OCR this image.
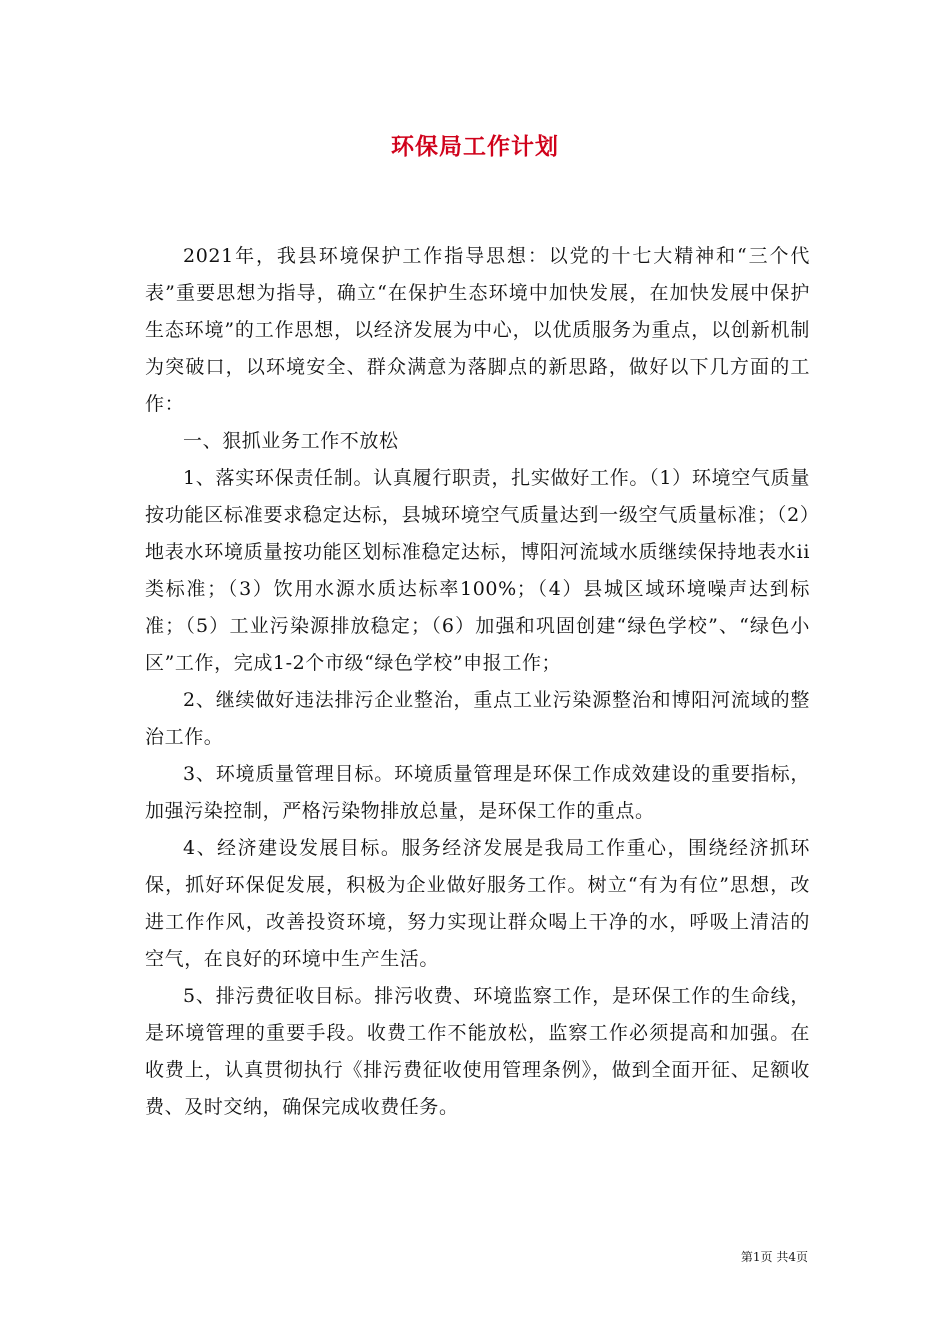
环保局工作计划

2021年，我县环境保护工作指导思想：以党的十七大精神和“三个代表”重要思想为指导，确立“在保护生态环境中加快发展，在加快发展中保护生态环境”的工作思想，以经济发展为中心，以优质服务为重点，以创新机制为突破口，以环境安全、群众满意为落脚点的新思路，做好以下几方面的工作：

一、狠抓业务工作不放松

1、落实环保责任制。认真履行职责，扎实做好工作。（1）环境空气质量按功能区标准要求稳定达标，县城环境空气质量达到一级空气质量标准；（2）地表水环境质量按功能区划标准稳定达标，博阳河流域水质继续保持地表水ii类标准；（3）饮用水源水质达标率100%；（4）县城区域环境噪声达到标准；（5）工业污染源排放稳定；（6）加强和巩固创建“绿色学校”、“绿色小区”工作，完成1-2个市级“绿色学校”申报工作；

2、继续做好违法排污企业整治，重点工业污染源整治和博阳河流域的整治工作。

3、环境质量管理目标。环境质量管理是环保工作成效建设的重要指标，加强污染控制，严格污染物排放总量，是环保工作的重点。

4、经济建设发展目标。服务经济发展是我局工作重心，围绕经济抓环保，抓好环保促发展，积极为企业做好服务工作。树立“有为有位”思想，改进工作作风，改善投资环境，努力实现让群众喝上干净的水，呼吸上清洁的空气，在良好的环境中生产生活。

5、排污费征收目标。排污收费、环境监察工作，是环保工作的生命线，是环境管理的重要手段。收费工作不能放松，监察工作必须提高和加强。在收费上，认真贯彻执行《排污费征收使用管理条例》，做到全面开征、足额收费、及时交纳，确保完成收费任务。

第1页 共4页
